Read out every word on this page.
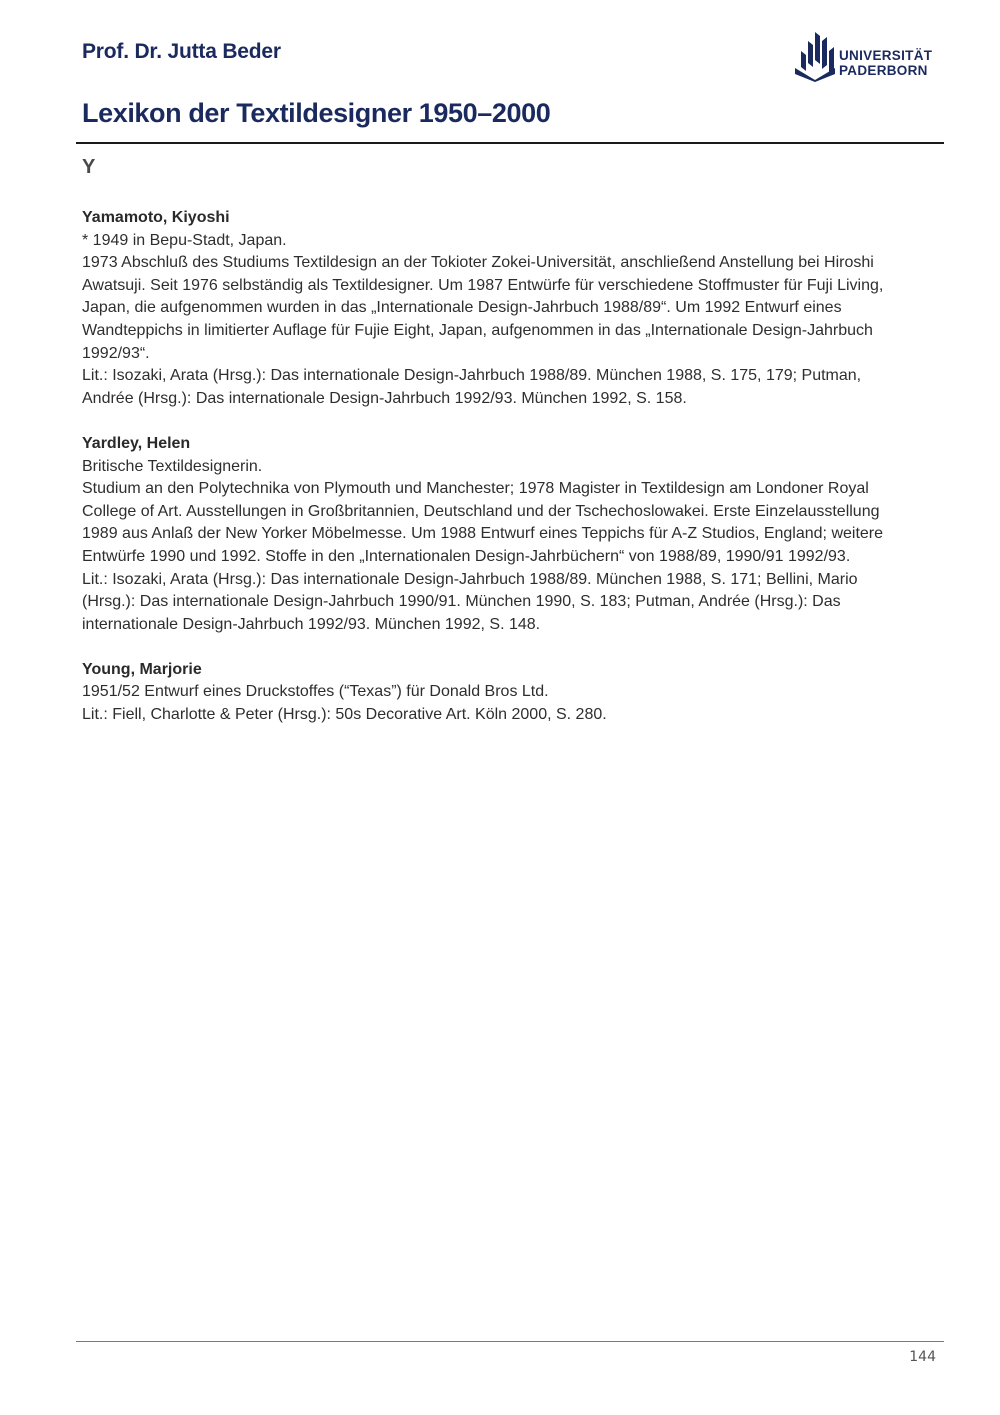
Prof. Dr. Jutta Beder	UNIVERSITÄT
PADERBORN
Lexikon der Textildesigner 1950–2000
Y

Yamamoto, Kiyoshi

* 1949 in Bepu-Stadt, Japan.

1973 Abschluß des Studiums Textildesign an der Tokioter Zokei-Universität, anschließend Anstellung bei Hiroshi Awatsuji. Seit 1976 selbständig als Textildesigner. Um 1987 Entwürfe für verschiedene Stoffmuster für Fuji Living, Japan, die aufgenommen wurden in das „Internationale Design-Jahrbuch 1988/89“. Um 1992 Entwurf eines Wandteppichs in limitierter Auflage für Fujie Eight, Japan, aufgenommen in das „Internationale Design-Jahrbuch 1992/93“.

Lit.: Isozaki, Arata (Hrsg.): Das internationale Design-Jahrbuch 1988/89. München 1988, S. 175, 179; Putman, Andrée (Hrsg.): Das internationale Design-Jahrbuch 1992/93. München 1992, S. 158.

Yardley, Helen

Britische Textildesignerin.

Studium an den Polytechnika von Plymouth und Manchester; 1978 Magister in Textildesign am Londoner Royal College of Art. Ausstellungen in Großbritannien, Deutschland und der Tschechoslowakei. Erste Einzelausstellung 1989 aus Anlaß der New Yorker Möbelmesse. Um 1988 Entwurf eines Teppichs für A-Z Studios, England; weitere Entwürfe 1990 und 1992. Stoffe in den „Internationalen Design-Jahrbüchern“ von 1988/89, 1990/91 1992/93.

Lit.: Isozaki, Arata (Hrsg.): Das internationale Design-Jahrbuch 1988/89. München 1988, S. 171; Bellini, Mario (Hrsg.): Das internationale Design-Jahrbuch 1990/91. München 1990, S. 183; Putman, Andrée (Hrsg.): Das internationale Design-Jahrbuch 1992/93. München 1992, S. 148.

Young, Marjorie

1951/52 Entwurf eines Druckstoffes (“Texas”) für Donald Bros Ltd.

Lit.: Fiell, Charlotte & Peter (Hrsg.): 50s Decorative Art. Köln 2000, S. 280.

144
